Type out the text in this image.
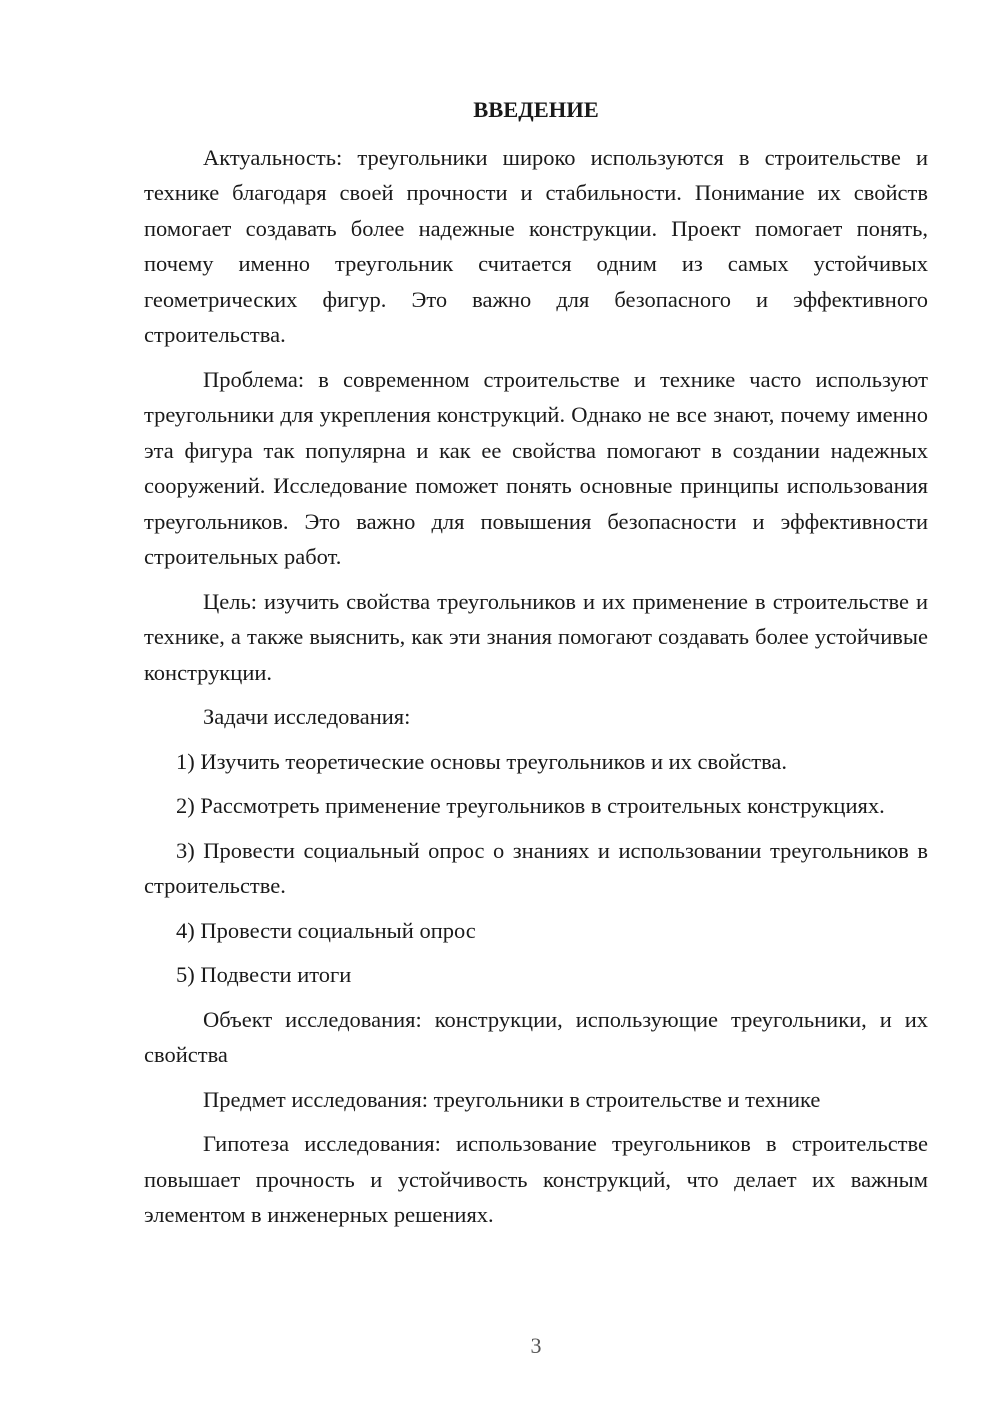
ВВЕДЕНИЕ

Актуальность: треугольники широко используются в строительстве и технике благодаря своей прочности и стабильности. Понимание их свойств помогает создавать более надежные конструкции. Проект помогает понять, почему именно треугольник считается одним из самых устойчивых геометрических фигур. Это важно для безопасного и эффективного строительства.

Проблема: в современном строительстве и технике часто используют треугольники для укрепления конструкций. Однако не все знают, почему именно эта фигура так популярна и как ее свойства помогают в создании надежных сооружений. Исследование поможет понять основные принципы использования треугольников. Это важно для повышения безопасности и эффективности строительных работ.

Цель: изучить свойства треугольников и их применение в строительстве и технике, а также выяснить, как эти знания помогают создавать более устойчивые конструкции.

Задачи исследования:

1) Изучить теоретические основы треугольников и их свойства.

2) Рассмотреть применение треугольников в строительных конструкциях.

3) Провести социальный опрос о знаниях и использовании треугольников в строительстве.

4) Провести социальный опрос

5) Подвести итоги

Объект исследования: конструкции, использующие треугольники, и их свойства

Предмет исследования: треугольники в строительстве и технике

Гипотеза исследования: использование треугольников в строительстве повышает прочность и устойчивость конструкций, что делает их важным элементом в инженерных решениях.

3
